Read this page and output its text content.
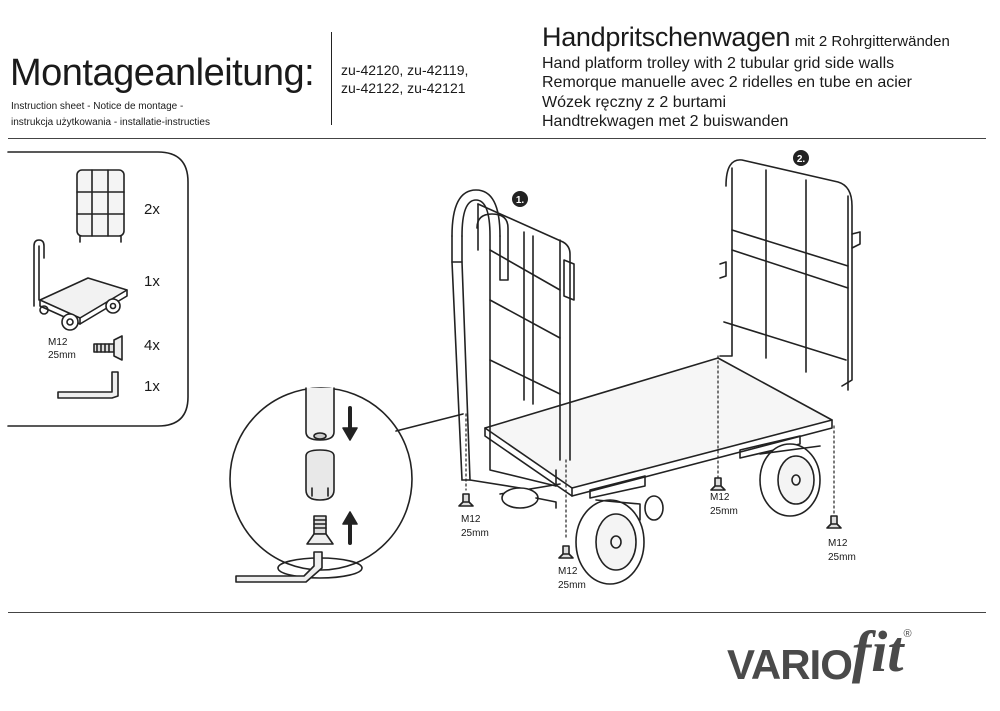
Montageanleitung:
Instruction sheet - Notice de montage -
instrukcja użytkowania - installatie-instructies
zu-42120, zu-42119,
zu-42122, zu-42121
Handpritschenwagen mit 2 Rohrgitterwänden
Hand platform trolley with 2 tubular grid side walls
Remorque manuelle avec 2 ridelles en tube en acier
Wózek ręczny z 2 burtami
Handtrekwagen met 2 buiswanden
1.
2.
2x
1x
4x
1x
M12
25mm
M12
25mm
M12
25mm
M12
25mm
M12
25mm
VARIOfit®
